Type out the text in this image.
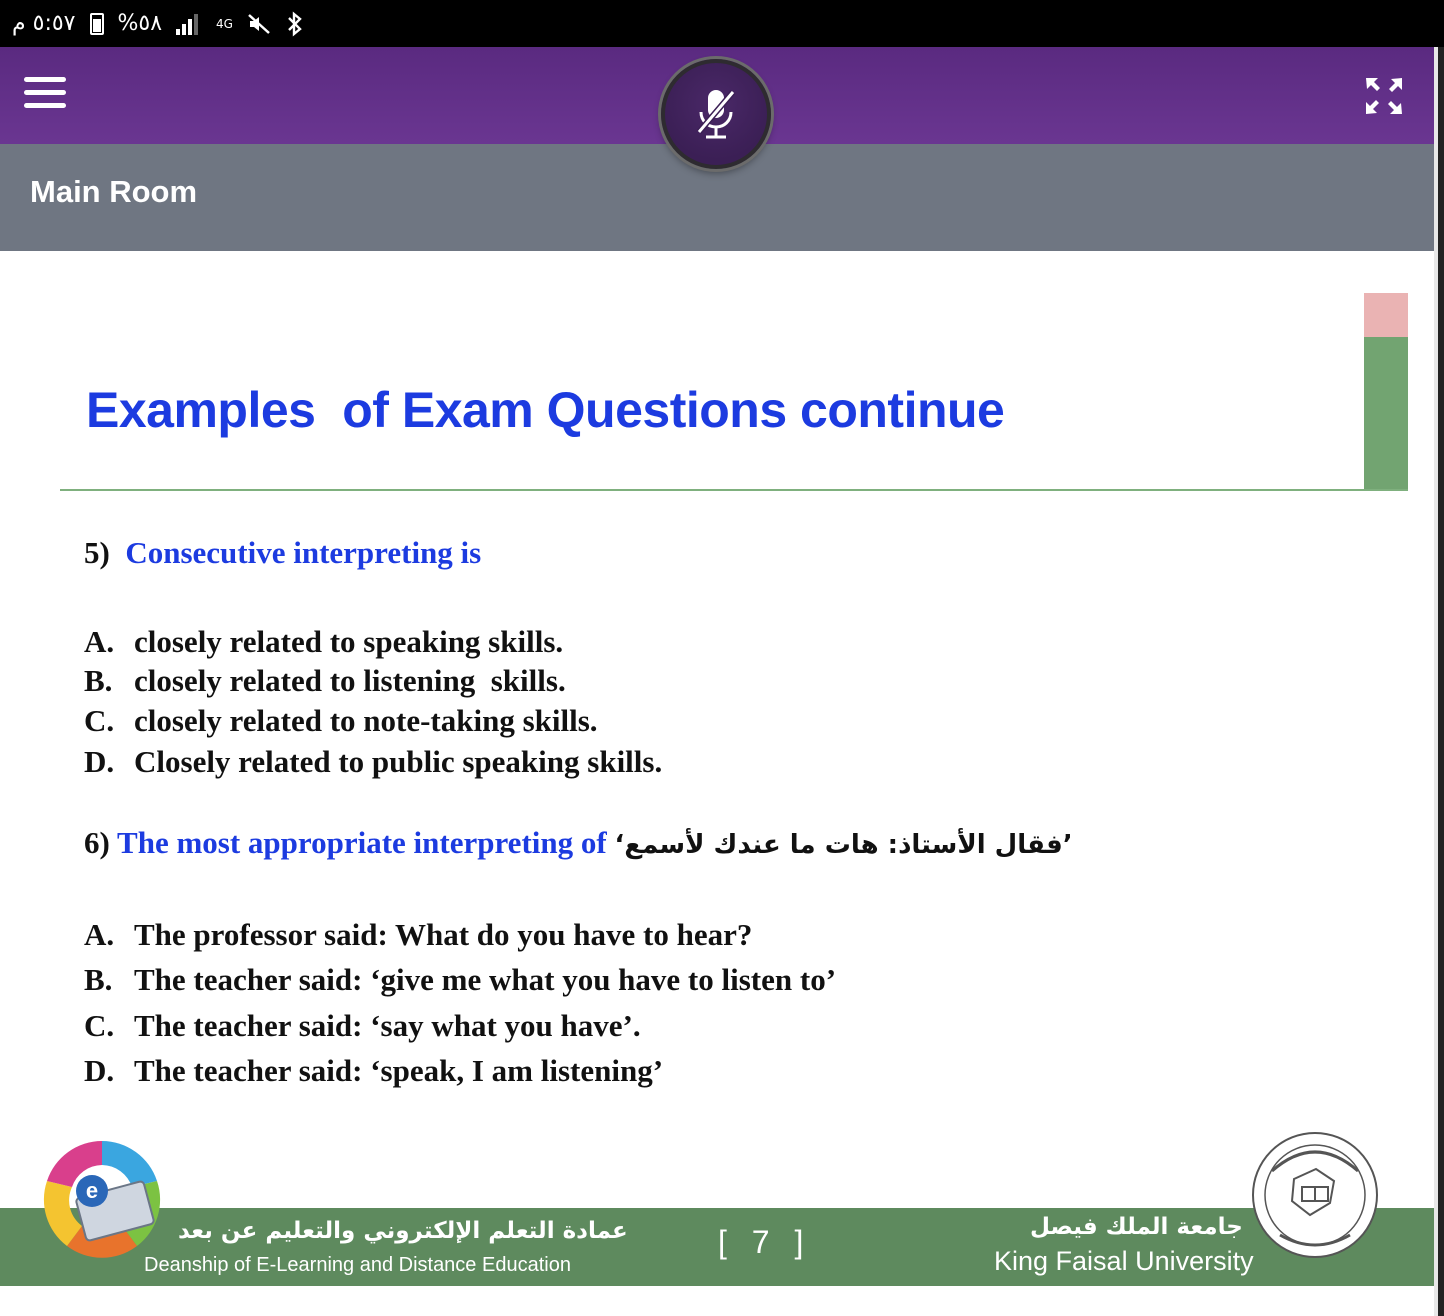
٥:٥٧ م %٥٨	4G
Main Room
Examples  of Exam Questions continue
5) Consecutive interpreting is
A. closely related to speaking skills.
B. closely related to listening  skills.
C. closely related to note-taking skills.
D. Closely related to public speaking skills.
6) The most appropriate interpreting of ‘فقال الأستاذ: هات ما عندك لأسمع’
A. The professor said: What do you have to hear?
B. The teacher said: ‘give me what you have to listen to’
C. The teacher said: ‘say what you have’.
D. The teacher said: ‘speak, I am listening’
عمادة التعلم الإلكتروني والتعليم عن بعد
Deanship of E-Learning and Distance Education
[ 7 ]	جامعة الملك فيصل
King Faisal University
e
